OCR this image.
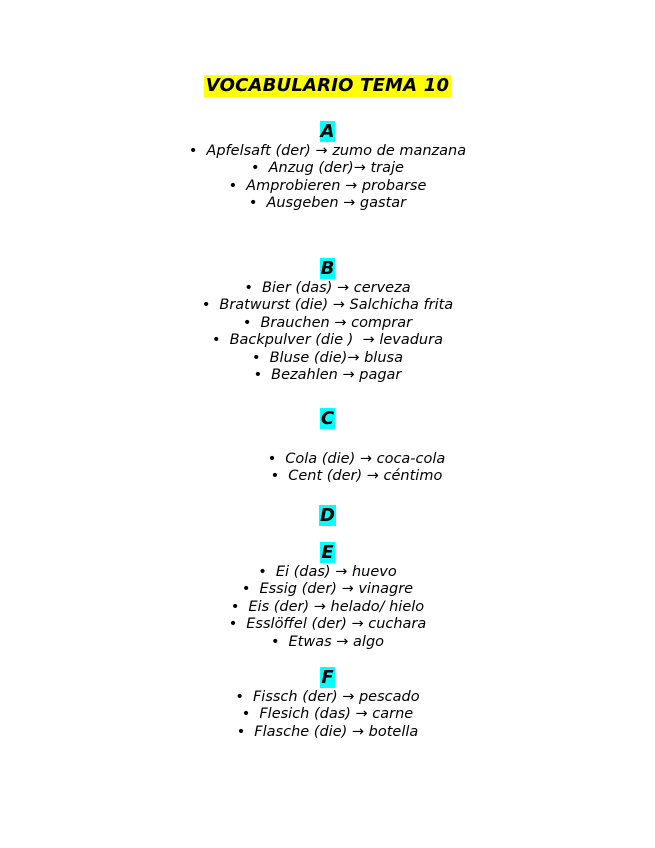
VOCABULARIO TEMA 10
A
• Apfelsaft (der) → zumo de manzana
• Anzug (der)→ traje
• Amprobieren → probarse
• Ausgeben → gastar
B
• Bier (das) → cerveza
• Bratwurst (die) → Salchicha frita
• Brauchen → comprar
• Backpulver (die )  → levadura
• Bluse (die)→ blusa
• Bezahlen → pagar
C
• Cola (die) → coca-cola
• Cent (der) → céntimo
D
E
• Ei (das) → huevo
• Essig (der) → vinagre
• Eis (der) → helado/ hielo
• Esslöffel (der) → cuchara
• Etwas → algo
F
• Fissch (der) → pescado
• Flesich (das) → carne
• Flasche (die) → botella
